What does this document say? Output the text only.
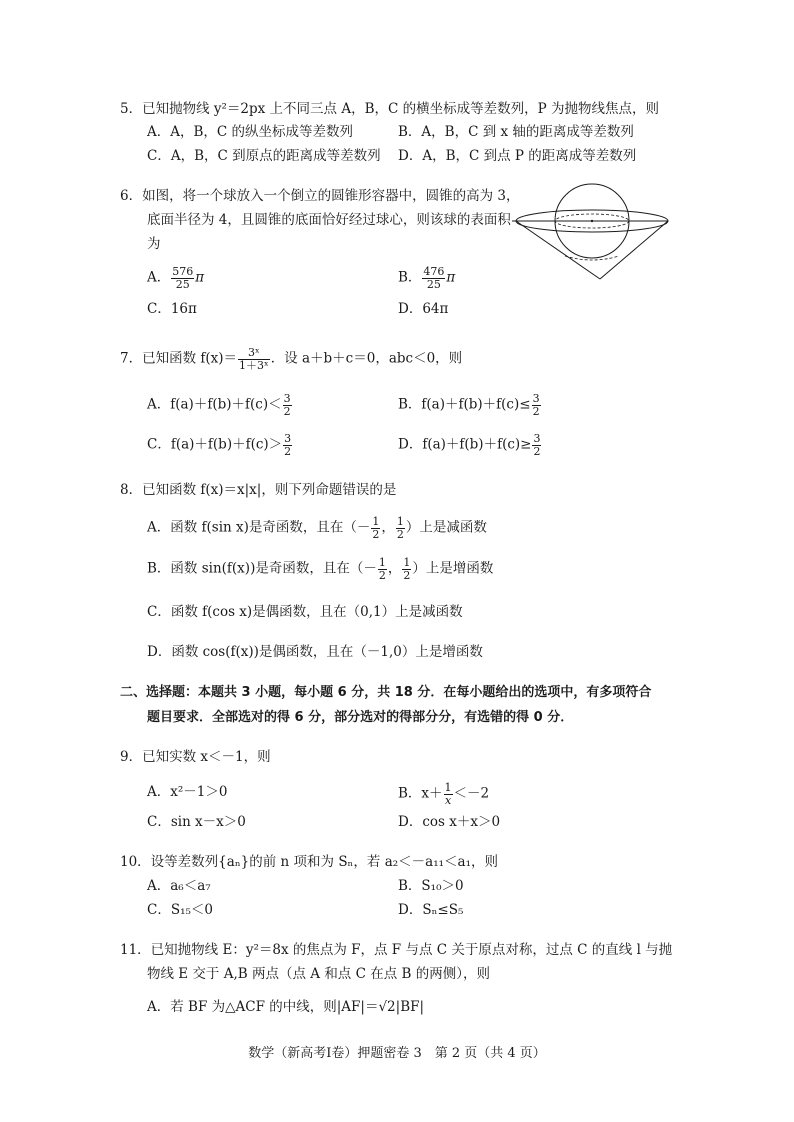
5．已知抛物线 y²＝2px 上不同三点 A，B，C 的横坐标成等差数列，P 为抛物线焦点，则
A．A，B，C 的纵坐标成等差数列	B．A，B，C 到 x 轴的距离成等差数列
C．A，B，C 到原点的距离成等差数列 D．A，B，C 到点 P 的距离成等差数列
6．如图，将一个球放入一个倒立的圆锥形容器中，圆锥的高为 3，
底面半径为 4，且圆锥的底面恰好经过球心，则该球的表面积
为
A． $\frac{576}{25}$ π	B． $\frac{476}{25}$ π
C．16π	D．64π
7．已知函数 $f(x)= \frac{\text{3ˣ}}{\text{1＋3ˣ}}$ ．设 a＋b＋c＝0，abc＜0，则
A．$f(a)+f(b)+f(c)< \frac{3}{2}$	B．$f(a)+f(b)+f(c)\le \frac{3}{2}$
C．$f(a)+f(b)+f(c)> \frac{3}{2}$	D．$f(a)+f(b)+f(c)\ge \frac{3}{2}$
8．已知函数 f(x)＝x|x|，则下列命题错误的是
A．函数 f(sin x)是奇函数，且在（－ $\frac{1}{2}$ ， $\frac{1}{2}$ ）上是减函数
B．函数 sin(f(x))是奇函数，且在（－ $\frac{1}{2}$ ， $\frac{1}{2}$ ）上是增函数
C．函数 f(cos x)是偶函数，且在（0,1）上是减函数
D．函数 cos(f(x))是偶函数，且在（－1,0）上是增函数
二、选择题：本题共 3 小题，每小题 6 分，共 18 分．在每小题给出的选项中，有多项符合
题目要求．全部选对的得 6 分，部分选对的得部分分，有选错的得 0 分．
9．已知实数 x＜－1，则
A．x²－1＞0	B．$x+ \frac{1}{x} <-2$
C．sin x－x＞0	D．cos x＋x＞0
10．设等差数列{aₙ}的前 n 项和为 Sₙ，若 a₂＜－a₁₁＜a₁，则
A．a₆＜a₇	B．S₁₀＞0
C．S₁₅＜0	D．Sₙ≤S₅
11．已知抛物线 E：y²＝8x 的焦点为 F，点 F 与点 C 关于原点对称，过点 C 的直线 l 与抛
物线 E 交于 A,B 两点（点 A 和点 C 在点 B 的两侧），则
A．若 BF 为△ACF 的中线，则|AF|＝√2|BF|
数学（新高考Ⅰ卷）押题密卷 3　第 2 页（共 4 页）
